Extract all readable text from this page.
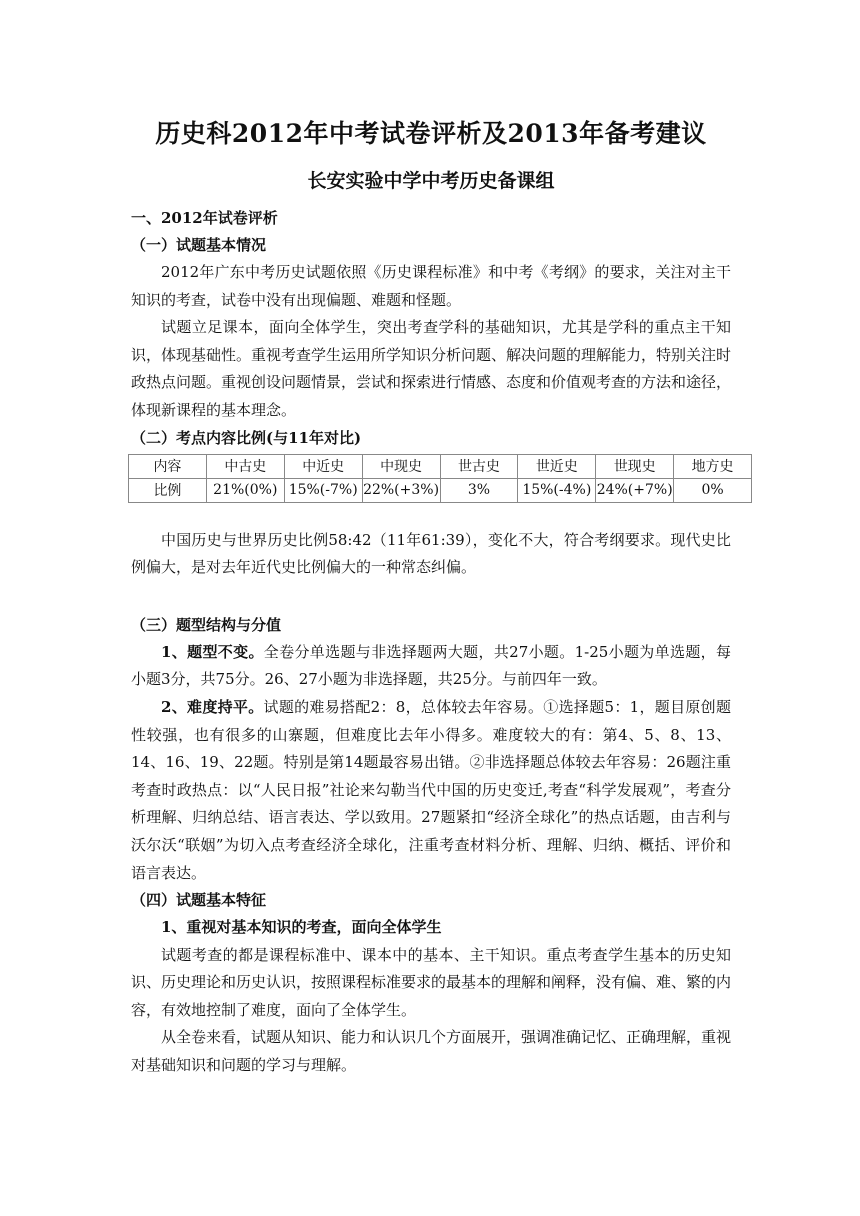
历史科2012年中考试卷评析及2013年备考建议
长安实验中学中考历史备课组
一、2012年试卷评析
（一）试题基本情况

2012年广东中考历史试题依照《历史课程标准》和中考《考纲》的要求，关注对主干知识的考查，试卷中没有出现偏题、难题和怪题。

试题立足课本，面向全体学生，突出考查学科的基础知识，尤其是学科的重点主干知识，体现基础性。重视考查学生运用所学知识分析问题、解决问题的理解能力，特别关注时政热点问题。重视创设问题情景，尝试和探索进行情感、态度和价值观考查的方法和途径，体现新课程的基本理念。

（二）考点内容比例(与11年对比)
内容	中古史	中近史	中现史	世古史	世近史	世现史	地方史
比例	21%(0%)	15%(-7%)	22%(+3%)	3%	15%(-4%)	24%(+7%)	0%

中国历史与世界历史比例58:42（11年61:39），变化不大，符合考纲要求。现代史比例偏大，是对去年近代史比例偏大的一种常态纠偏。

（三）题型结构与分值

1、题型不变。全卷分单选题与非选择题两大题，共27小题。1-25小题为单选题，每小题3分，共75分。26、27小题为非选择题，共25分。与前四年一致。

2、难度持平。试题的难易搭配2：8，总体较去年容易。①选择题5：1，题目原创题性较强，也有很多的山寨题，但难度比去年小得多。难度较大的有：第4、5、8、13、14、16、19、22题。特别是第14题最容易出错。②非选择题总体较去年容易：26题注重考查时政热点：以“人民日报”社论来勾勒当代中国的历史变迁,考查“科学发展观”，考查分析理解、归纳总结、语言表达、学以致用。27题紧扣“经济全球化”的热点话题，由吉利与沃尔沃“联姻”为切入点考查经济全球化，注重考查材料分析、理解、归纳、概括、评价和语言表达。

（四）试题基本特征

1、重视对基本知识的考查，面向全体学生

试题考查的都是课程标准中、课本中的基本、主干知识。重点考查学生基本的历史知识、历史理论和历史认识，按照课程标准要求的最基本的理解和阐释，没有偏、难、繁的内容，有效地控制了难度，面向了全体学生。

从全卷来看，试题从知识、能力和认识几个方面展开，强调准确记忆、正确理解，重视对基础知识和问题的学习与理解。
